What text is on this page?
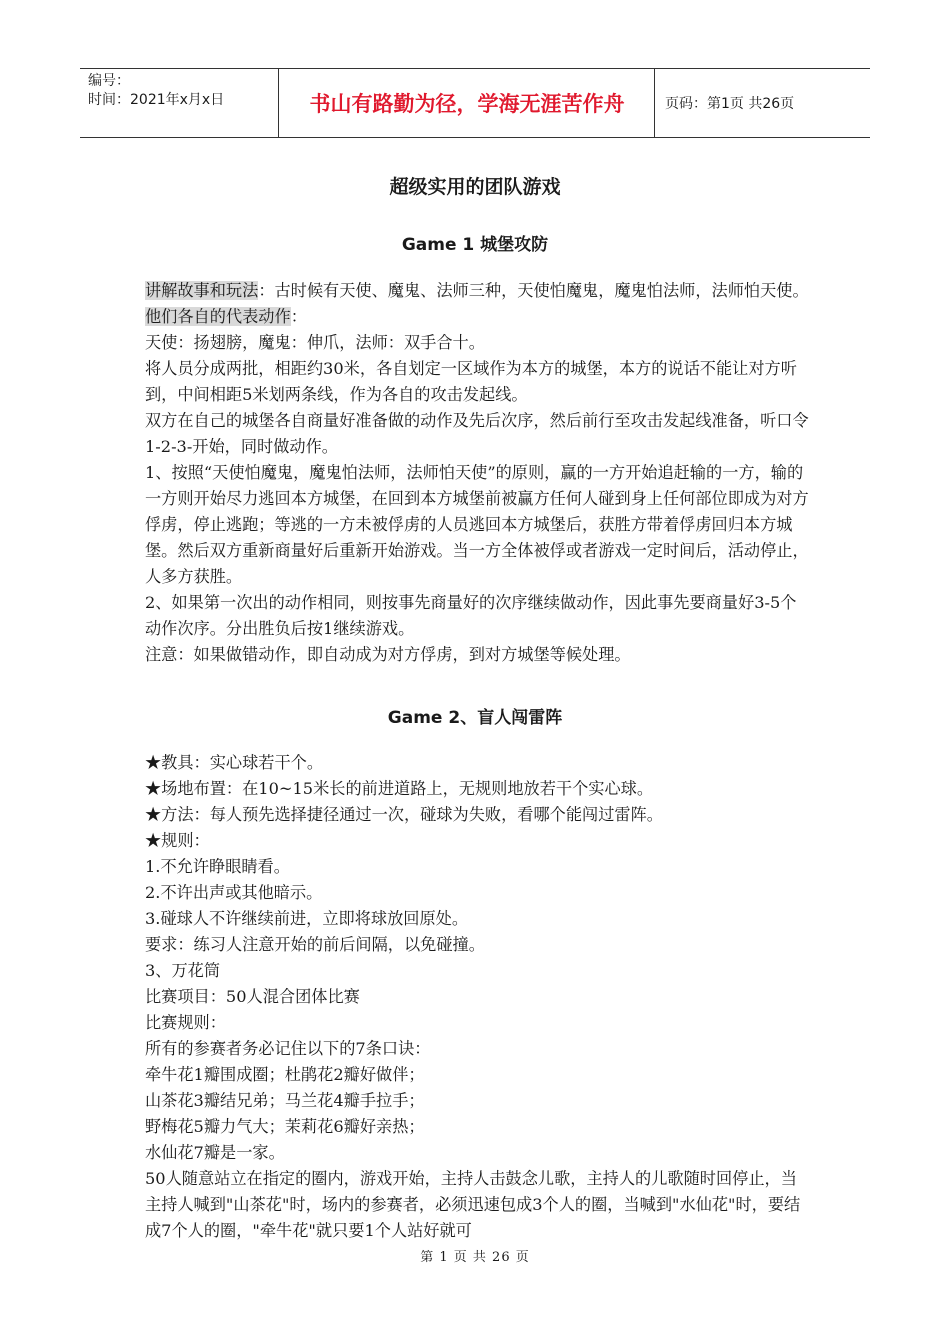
编号：
时间：2021年x月x日	书山有路勤为径，学海无涯苦作舟	页码：第1页 共26页
超级实用的团队游戏
Game 1 城堡攻防

讲解故事和玩法：古时候有天使、魔鬼、法师三种，天使怕魔鬼，魔鬼怕法师，法师怕天使。

他们各自的代表动作：

天使：扬翅膀，魔鬼：伸爪，法师：双手合十。

将人员分成两批，相距约30米，各自划定一区域作为本方的城堡，本方的说话不能让对方听到，中间相距5米划两条线，作为各自的攻击发起线。

双方在自己的城堡各自商量好准备做的动作及先后次序，然后前行至攻击发起线准备，听口令1-2-3-开始，同时做动作。

1、按照“天使怕魔鬼，魔鬼怕法师，法师怕天使”的原则，赢的一方开始追赶输的一方，输的一方则开始尽力逃回本方城堡，在回到本方城堡前被赢方任何人碰到身上任何部位即成为对方俘虏，停止逃跑；等逃的一方未被俘虏的人员逃回本方城堡后，获胜方带着俘虏回归本方城堡。然后双方重新商量好后重新开始游戏。当一方全体被俘或者游戏一定时间后，活动停止，人多方获胜。

2、如果第一次出的动作相同，则按事先商量好的次序继续做动作，因此事先要商量好3-5个动作次序。分出胜负后按1继续游戏。

注意：如果做错动作，即自动成为对方俘虏，到对方城堡等候处理。

Game 2、盲人闯雷阵

★教具：实心球若干个。

★场地布置：在10~15米长的前进道路上，无规则地放若干个实心球。

★方法：每人预先选择捷径通过一次，碰球为失败，看哪个能闯过雷阵。

★规则：

1.不允许睁眼睛看。

2.不许出声或其他暗示。

3.碰球人不许继续前进，立即将球放回原处。

要求：练习人注意开始的前后间隔，以免碰撞。

3、万花筒

比赛项目：50人混合团体比赛

比赛规则：

所有的参赛者务必记住以下的7条口诀：

牵牛花1瓣围成圈；杜鹃花2瓣好做伴；

山茶花3瓣结兄弟；马兰花4瓣手拉手；

野梅花5瓣力气大；茉莉花6瓣好亲热；

水仙花7瓣是一家。

50人随意站立在指定的圈内，游戏开始，主持人击鼓念儿歌，主持人的儿歌随时回停止，当主持人喊到"山茶花"时，场内的参赛者，必须迅速包成3个人的圈，当喊到"水仙花"时，要结成7个人的圈，"牵牛花"就只要1个人站好就可

第 1 页 共 26 页
